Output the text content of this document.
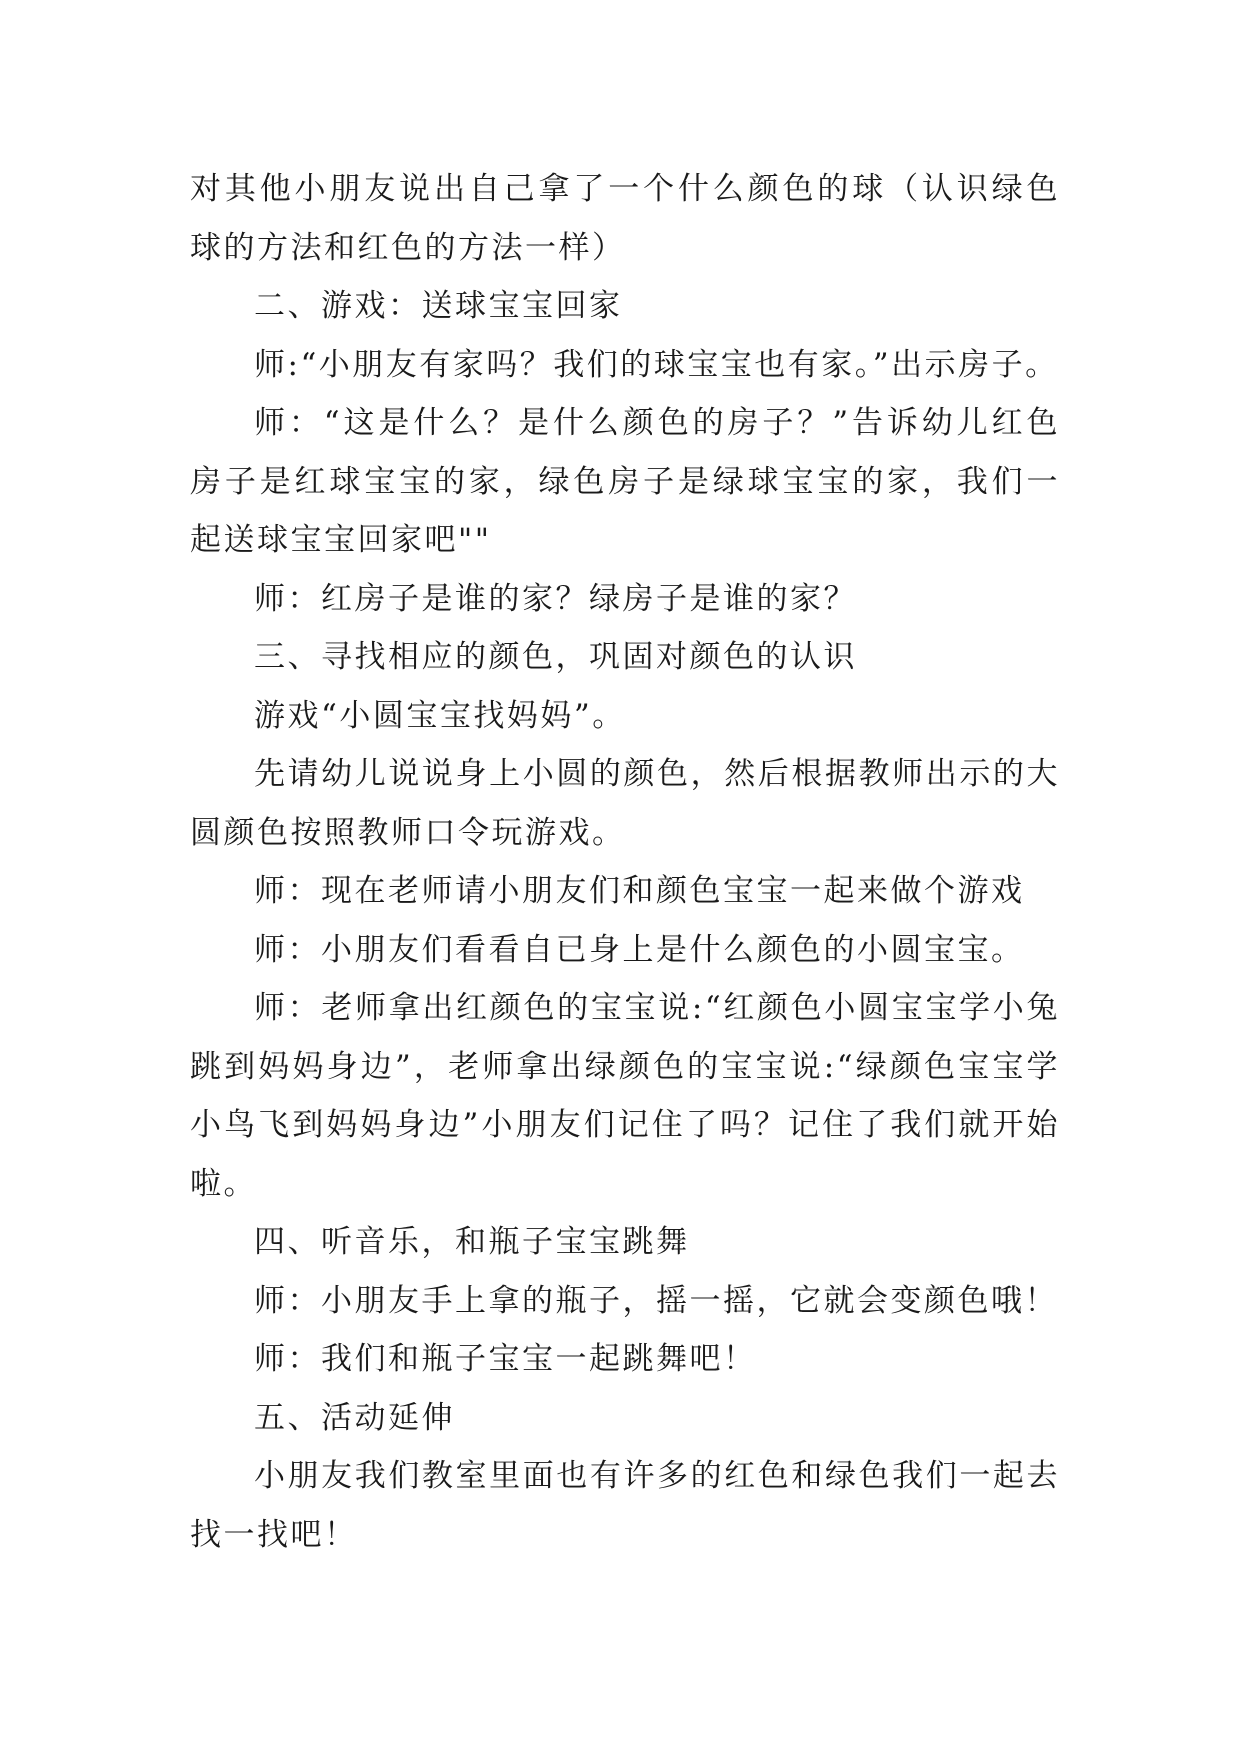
对其他小朋友说出自己拿了一个什么颜色的球（认识绿色球的方法和红色的方法一样）

二、游戏：送球宝宝回家

师:“小朋友有家吗？我们的球宝宝也有家。”出示房子。

师：“这是什么？是什么颜色的房子？”告诉幼儿红色房子是红球宝宝的家，绿色房子是绿球宝宝的家，我们一起送球宝宝回家吧""

师：红房子是谁的家？绿房子是谁的家？

三、寻找相应的颜色，巩固对颜色的认识

游戏“小圆宝宝找妈妈”。

先请幼儿说说身上小圆的颜色，然后根据教师出示的大圆颜色按照教师口令玩游戏。

师：现在老师请小朋友们和颜色宝宝一起来做个游戏

师：小朋友们看看自已身上是什么颜色的小圆宝宝。

师：老师拿出红颜色的宝宝说:“红颜色小圆宝宝学小兔跳到妈妈身边”，老师拿出绿颜色的宝宝说:“绿颜色宝宝学小鸟飞到妈妈身边”小朋友们记住了吗？记住了我们就开始啦。

四、听音乐，和瓶子宝宝跳舞

师：小朋友手上拿的瓶子，摇一摇，它就会变颜色哦！

师：我们和瓶子宝宝一起跳舞吧！

五、活动延伸

小朋友我们教室里面也有许多的红色和绿色我们一起去找一找吧！
